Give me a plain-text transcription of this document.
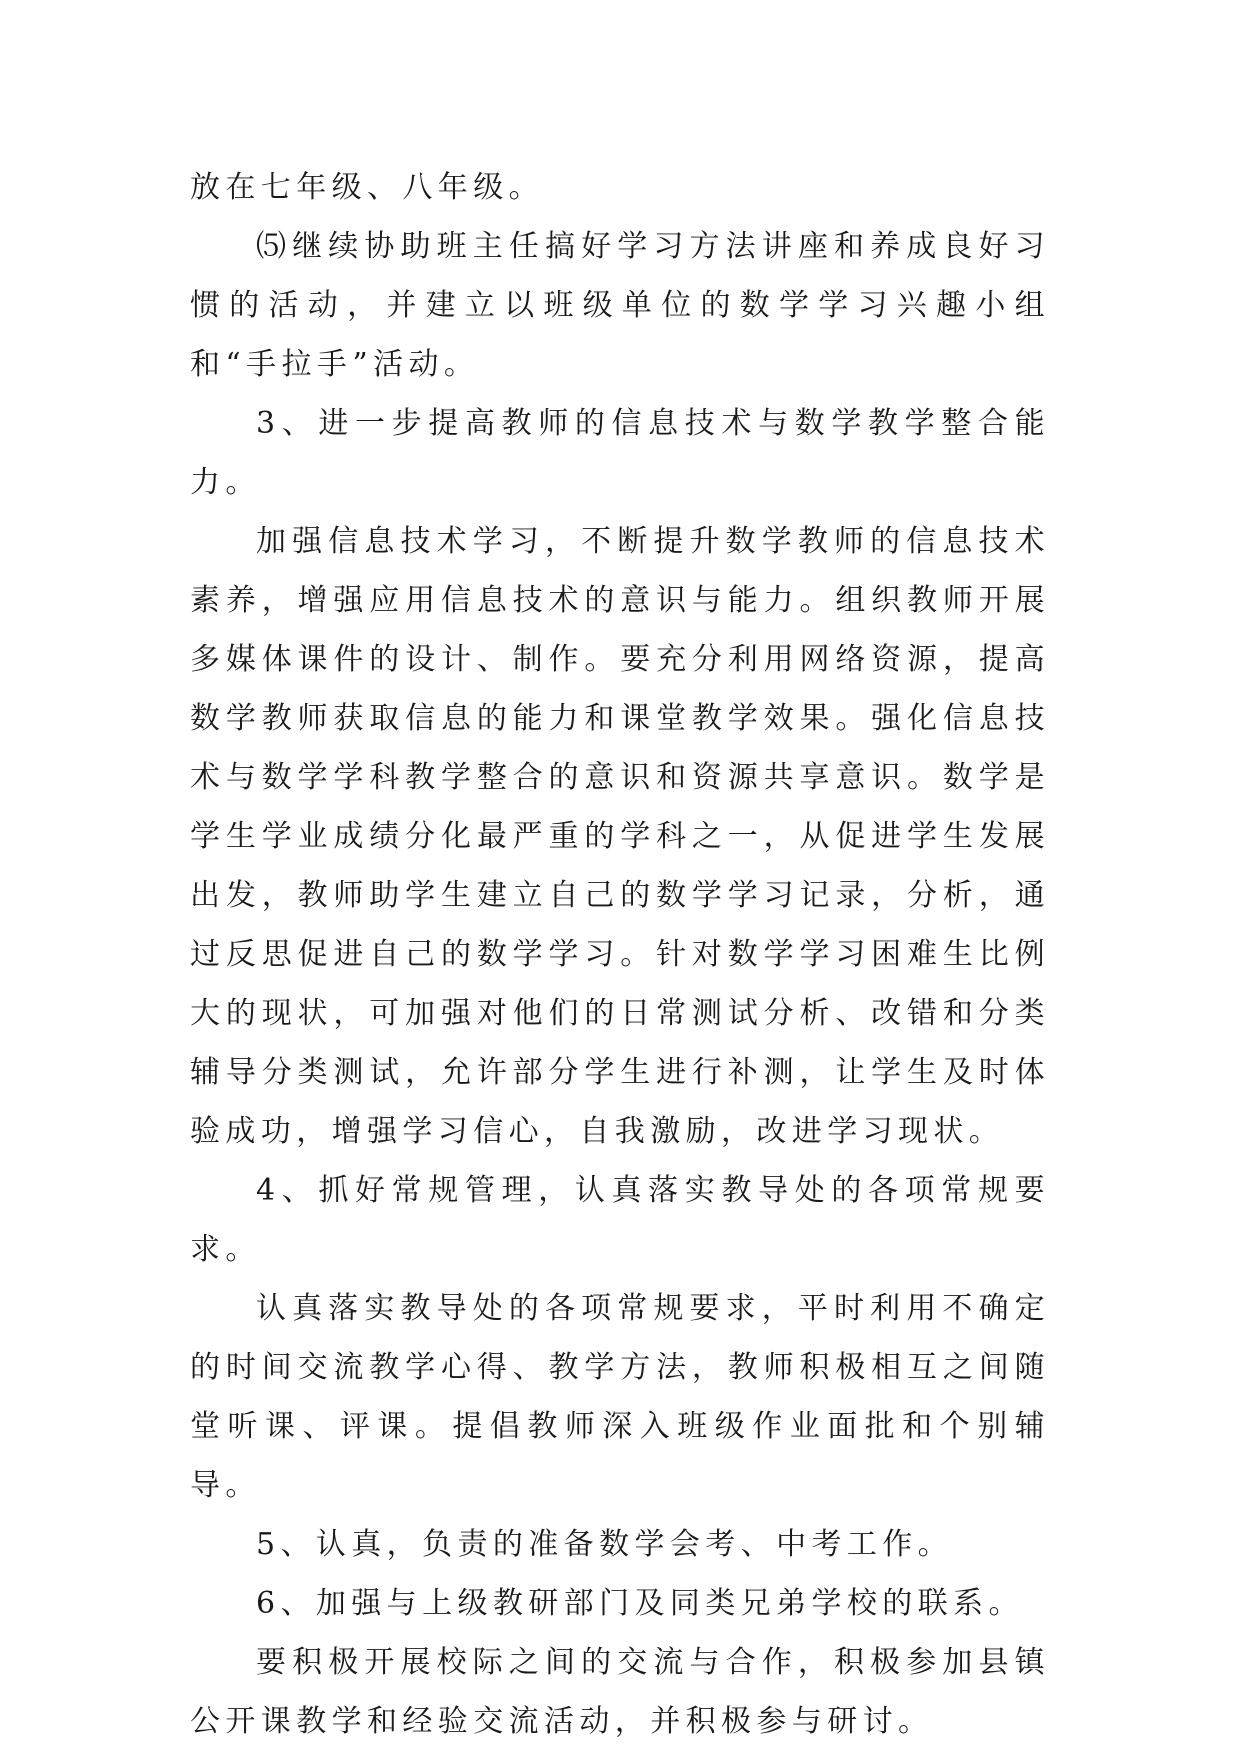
放在七年级、八年级。

⑸继续协助班主任搞好学习方法讲座和养成良好习惯的活动，并建立以班级单位的数学学习兴趣小组和“手拉手”活动。

3、进一步提高教师的信息技术与数学教学整合能力。

加强信息技术学习，不断提升数学教师的信息技术素养，增强应用信息技术的意识与能力。组织教师开展多媒体课件的设计、制作。要充分利用网络资源，提高数学教师获取信息的能力和课堂教学效果。强化信息技术与数学学科教学整合的意识和资源共享意识。数学是学生学业成绩分化最严重的学科之一，从促进学生发展出发，教师助学生建立自己的数学学习记录，分析，通过反思促进自己的数学学习。针对数学学习困难生比例大的现状，可加强对他们的日常测试分析、改错和分类辅导分类测试，允许部分学生进行补测，让学生及时体验成功，增强学习信心，自我激励，改进学习现状。

4、抓好常规管理，认真落实教导处的各项常规要求。

认真落实教导处的各项常规要求，平时利用不确定的时间交流教学心得、教学方法，教师积极相互之间随堂听课、评课。提倡教师深入班级作业面批和个别辅导。

5、认真，负责的准备数学会考、中考工作。

6、加强与上级教研部门及同类兄弟学校的联系。

要积极开展校际之间的交流与合作，积极参加县镇公开课教学和经验交流活动，并积极参与研讨。
